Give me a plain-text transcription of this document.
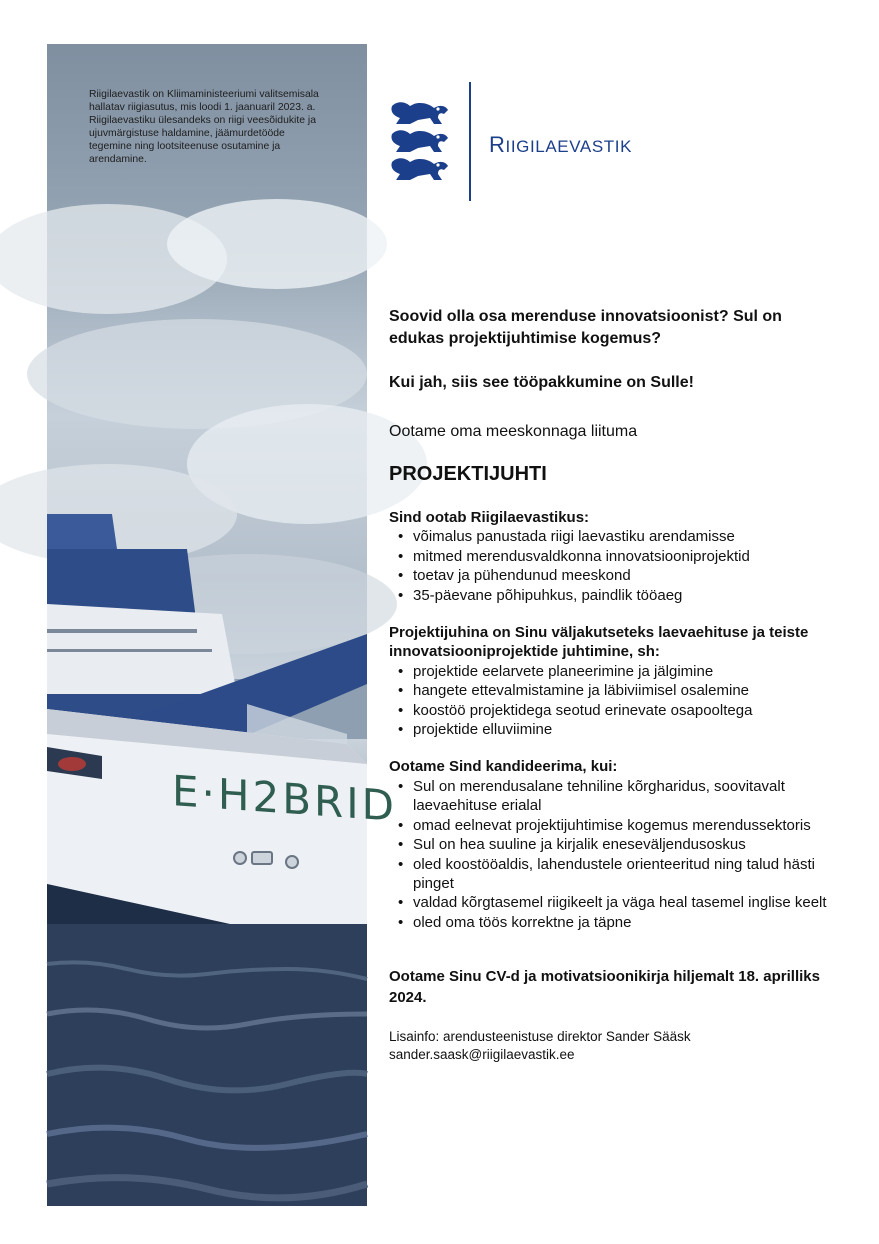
Riigilaevastik on Kliimaministeeriumi valitsemisala hallatav riigiasutus, mis loodi 1. jaanuaril 2023. a. Riigilaevastiku ülesandeks on riigi veesõidukite ja ujuvmärgistuse haldamine, jäämurdetööde tegemine ning lootsiteenuse osutamine ja arendamine.
E·H2BRID
RIIGILAEVASTIK

Soovid olla osa merenduse innovatsioonist? Sul on edukas projektijuhtimise kogemus?

Kui jah, siis see tööpakkumine on Sulle!

Ootame oma meeskonnaga liituma

PROJEKTIJUHTI

Sind ootab Riigilaevastikus:

• võimalus panustada riigi laevastiku arendamisse
• mitmed merendusvaldkonna innovatsiooniprojektid
• toetav ja pühendunud meeskond
• 35-päevane põhipuhkus, paindlik tööaeg

Projektijuhina on Sinu väljakutseteks laevaehituse ja teiste innovatsiooniprojektide juhtimine, sh:

• projektide eelarvete planeerimine ja jälgimine
• hangete ettevalmistamine ja läbiviimisel osalemine
• koostöö projektidega seotud erinevate osapooltega
• projektide elluviimine

Ootame Sind kandideerima, kui:

• Sul on merendusalane tehniline kõrgharidus, soovitavalt laevaehituse erialal
• omad eelnevat projektijuhtimise kogemus merendussektoris
• Sul on hea suuline ja kirjalik eneseväljendusoskus
• oled koostööaldis, lahendustele orienteeritud ning talud hästi pinget
• valdad kõrgtasemel riigikeelt ja väga heal tasemel inglise keelt
• oled oma töös korrektne ja täpne

Ootame Sinu CV-d ja motivatsioonikirja hiljemalt 18. aprilliks 2024.

Lisainfo: arendusteenistuse direktor Sander Sääsk

sander.saask@riigilaevastik.ee
